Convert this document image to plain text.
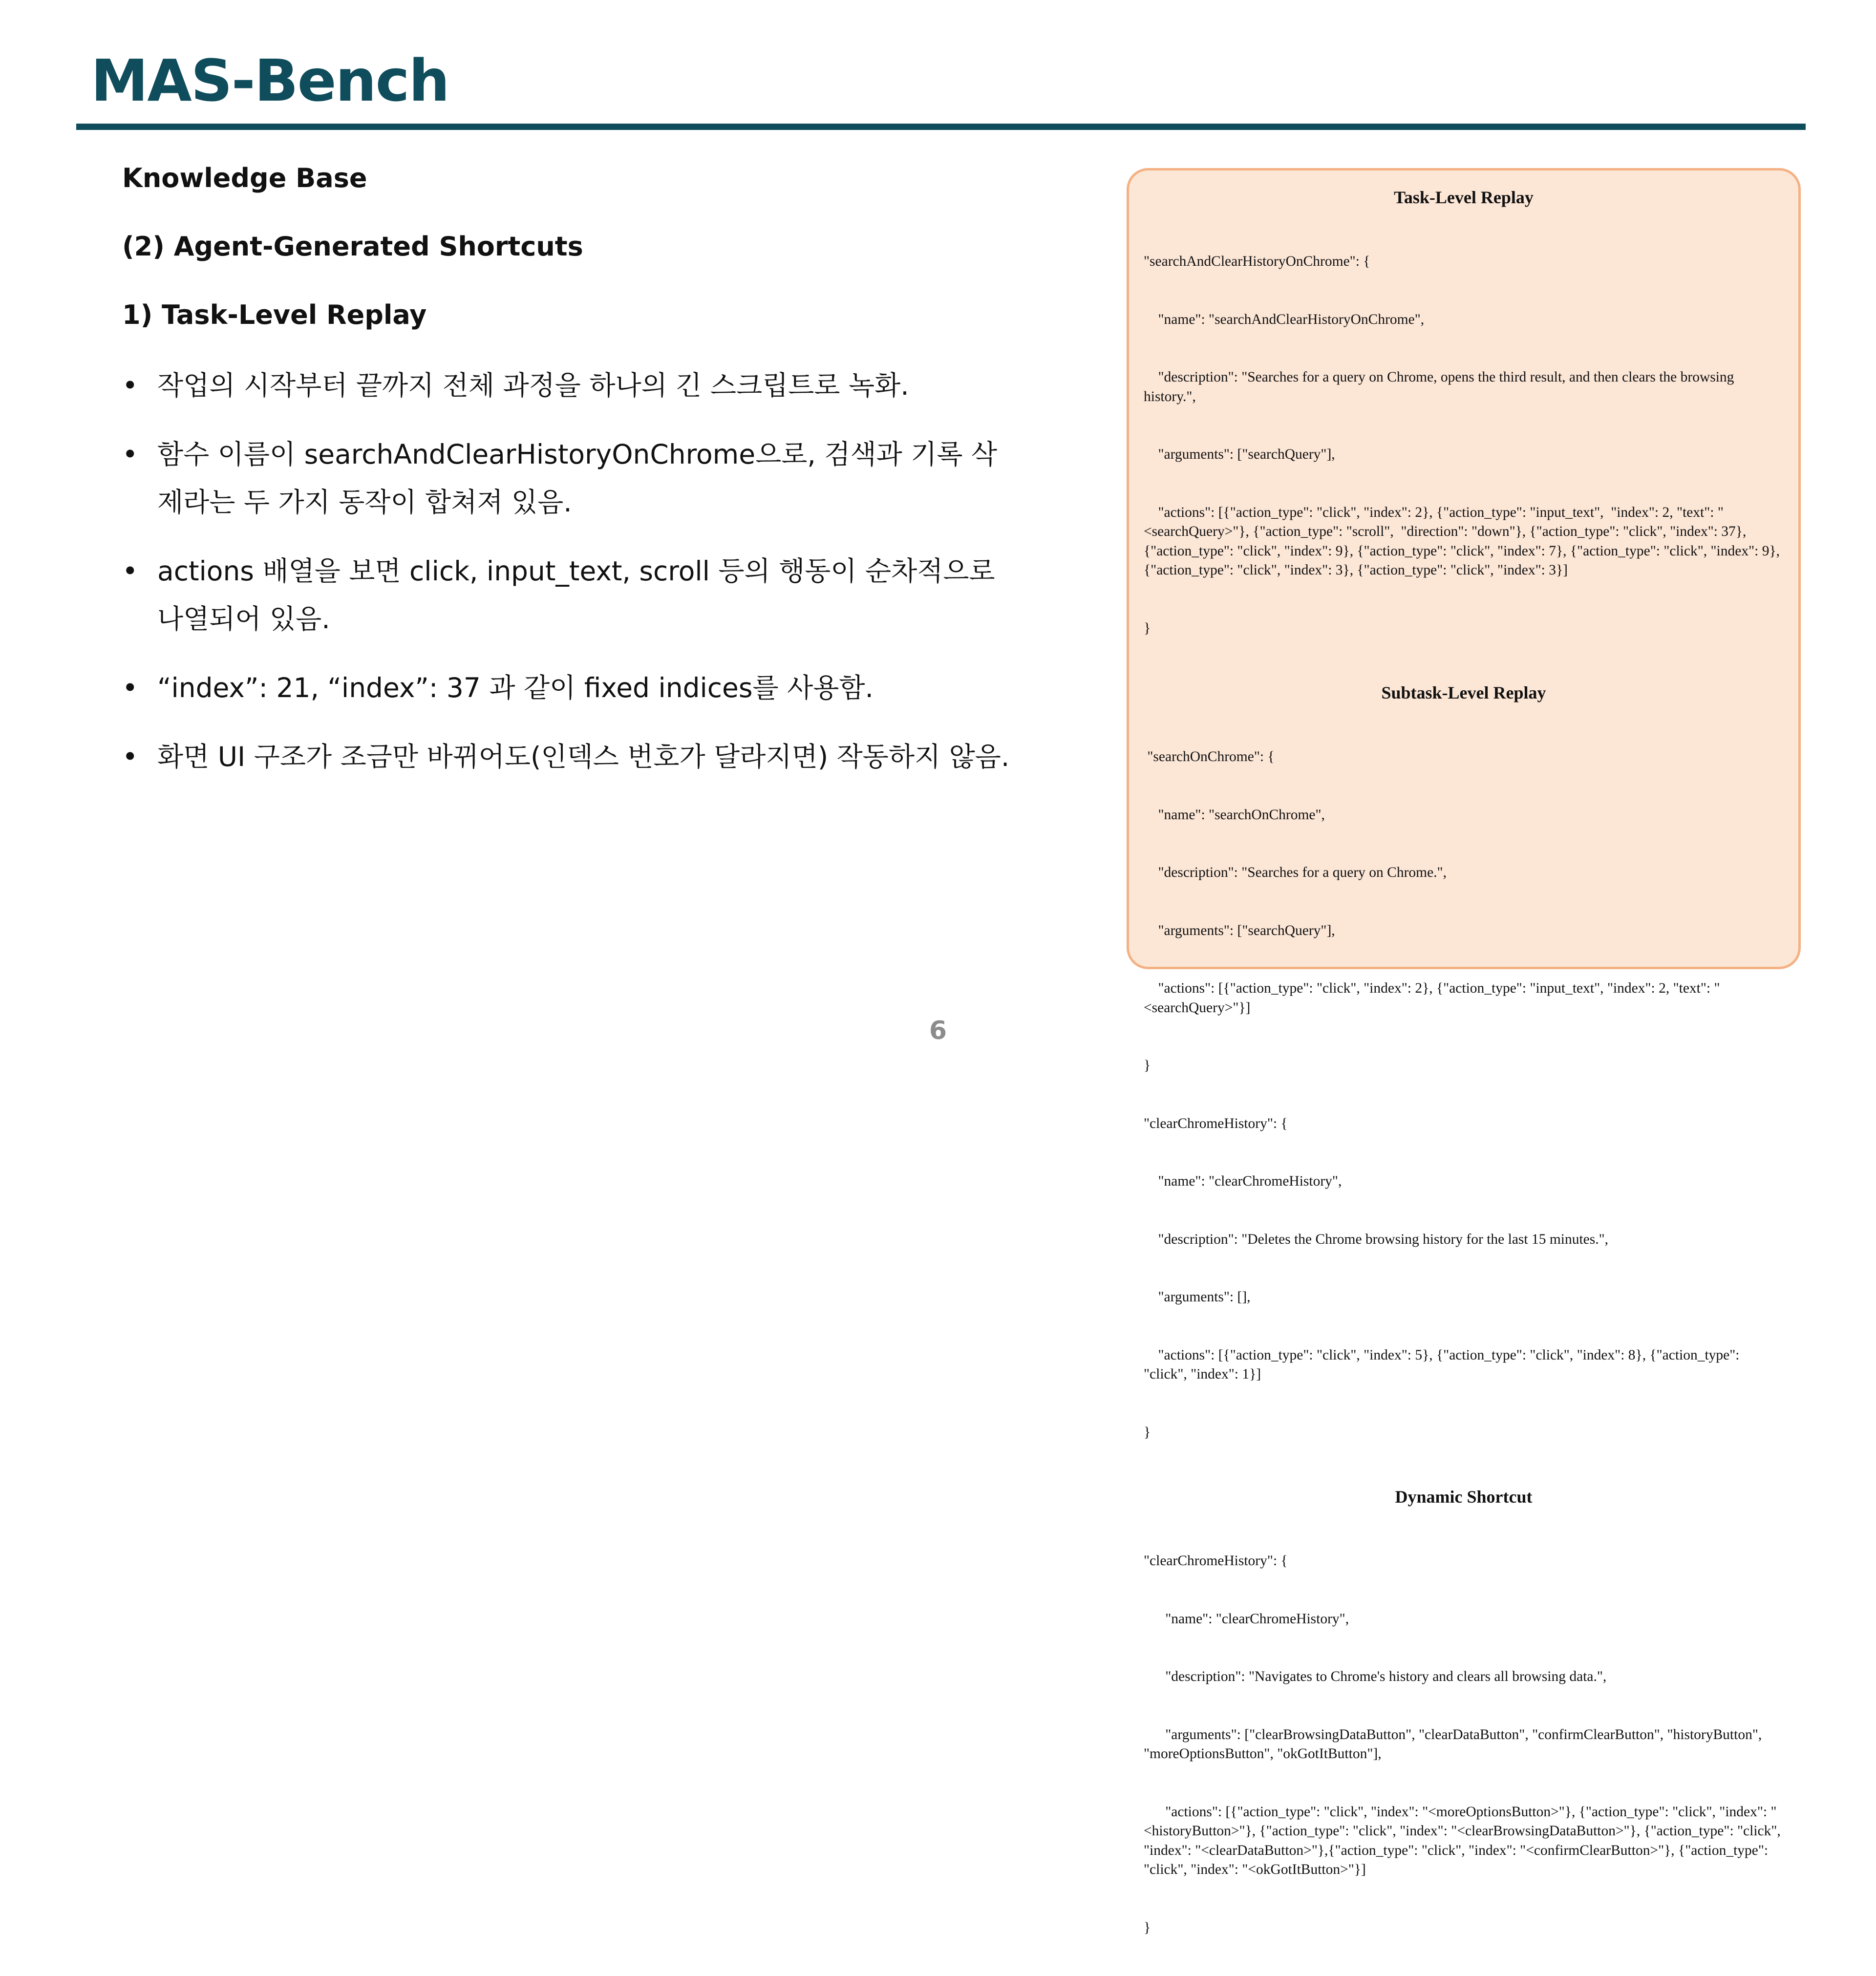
MAS-Bench
Knowledge Base
(2) Agent-Generated Shortcuts
1) Task-Level Replay
• 작업의 시작부터 끝까지 전체 과정을 하나의 긴 스크립트로 녹화.
• 함수 이름이 searchAndClearHistoryOnChrome으로, 검색과 기록 삭제라는 두 가지 동작이 합쳐져 있음.
• actions 배열을 보면 click, input_text, scroll 등의 행동이 순차적으로 나열되어 있음.
• “index”: 21, “index”: 37 과 같이 fixed indices를 사용함.
• 화면 UI 구조가 조금만 바뀌어도(인덱스 번호가 달라지면) 작동하지 않음.
Task-Level Replay

"searchAndClearHistoryOnChrome": {

"name": "searchAndClearHistoryOnChrome",

"description": "Searches for a query on Chrome, opens the third result, and then clears the browsing history.",

"arguments": ["searchQuery"],

"actions": [{"action_type": "click", "index": 2}, {"action_type": "input_text",  "index": 2, "text": "<searchQuery>"}, {"action_type": "scroll",  "direction": "down"}, {"action_type": "click", "index": 37}, {"action_type": "click", "index": 9}, {"action_type": "click", "index": 7}, {"action_type": "click", "index": 9}, {"action_type": "click", "index": 3}, {"action_type": "click", "index": 3}]

}

Subtask-Level Replay

"searchOnChrome": {

"name": "searchOnChrome",

"description": "Searches for a query on Chrome.",

"arguments": ["searchQuery"],

"actions": [{"action_type": "click", "index": 2}, {"action_type": "input_text", "index": 2, "text": "<searchQuery>"}]

}

"clearChromeHistory": {

"name": "clearChromeHistory",

"description": "Deletes the Chrome browsing history for the last 15 minutes.",

"arguments": [],

"actions": [{"action_type": "click", "index": 5}, {"action_type": "click", "index": 8}, {"action_type": "click", "index": 1}]

}

Dynamic Shortcut

"clearChromeHistory": {

"name": "clearChromeHistory",

"description": "Navigates to Chrome's history and clears all browsing data.",

"arguments": ["clearBrowsingDataButton", "clearDataButton", "confirmClearButton", "historyButton", "moreOptionsButton", "okGotItButton"],

"actions": [{"action_type": "click", "index": "<moreOptionsButton>"}, {"action_type": "click", "index": "<historyButton>"}, {"action_type": "click", "index": "<clearBrowsingDataButton>"}, {"action_type": "click", "index": "<clearDataButton>"},{"action_type": "click", "index": "<confirmClearButton>"}, {"action_type": "click", "index": "<okGotItButton>"}]

}

6
